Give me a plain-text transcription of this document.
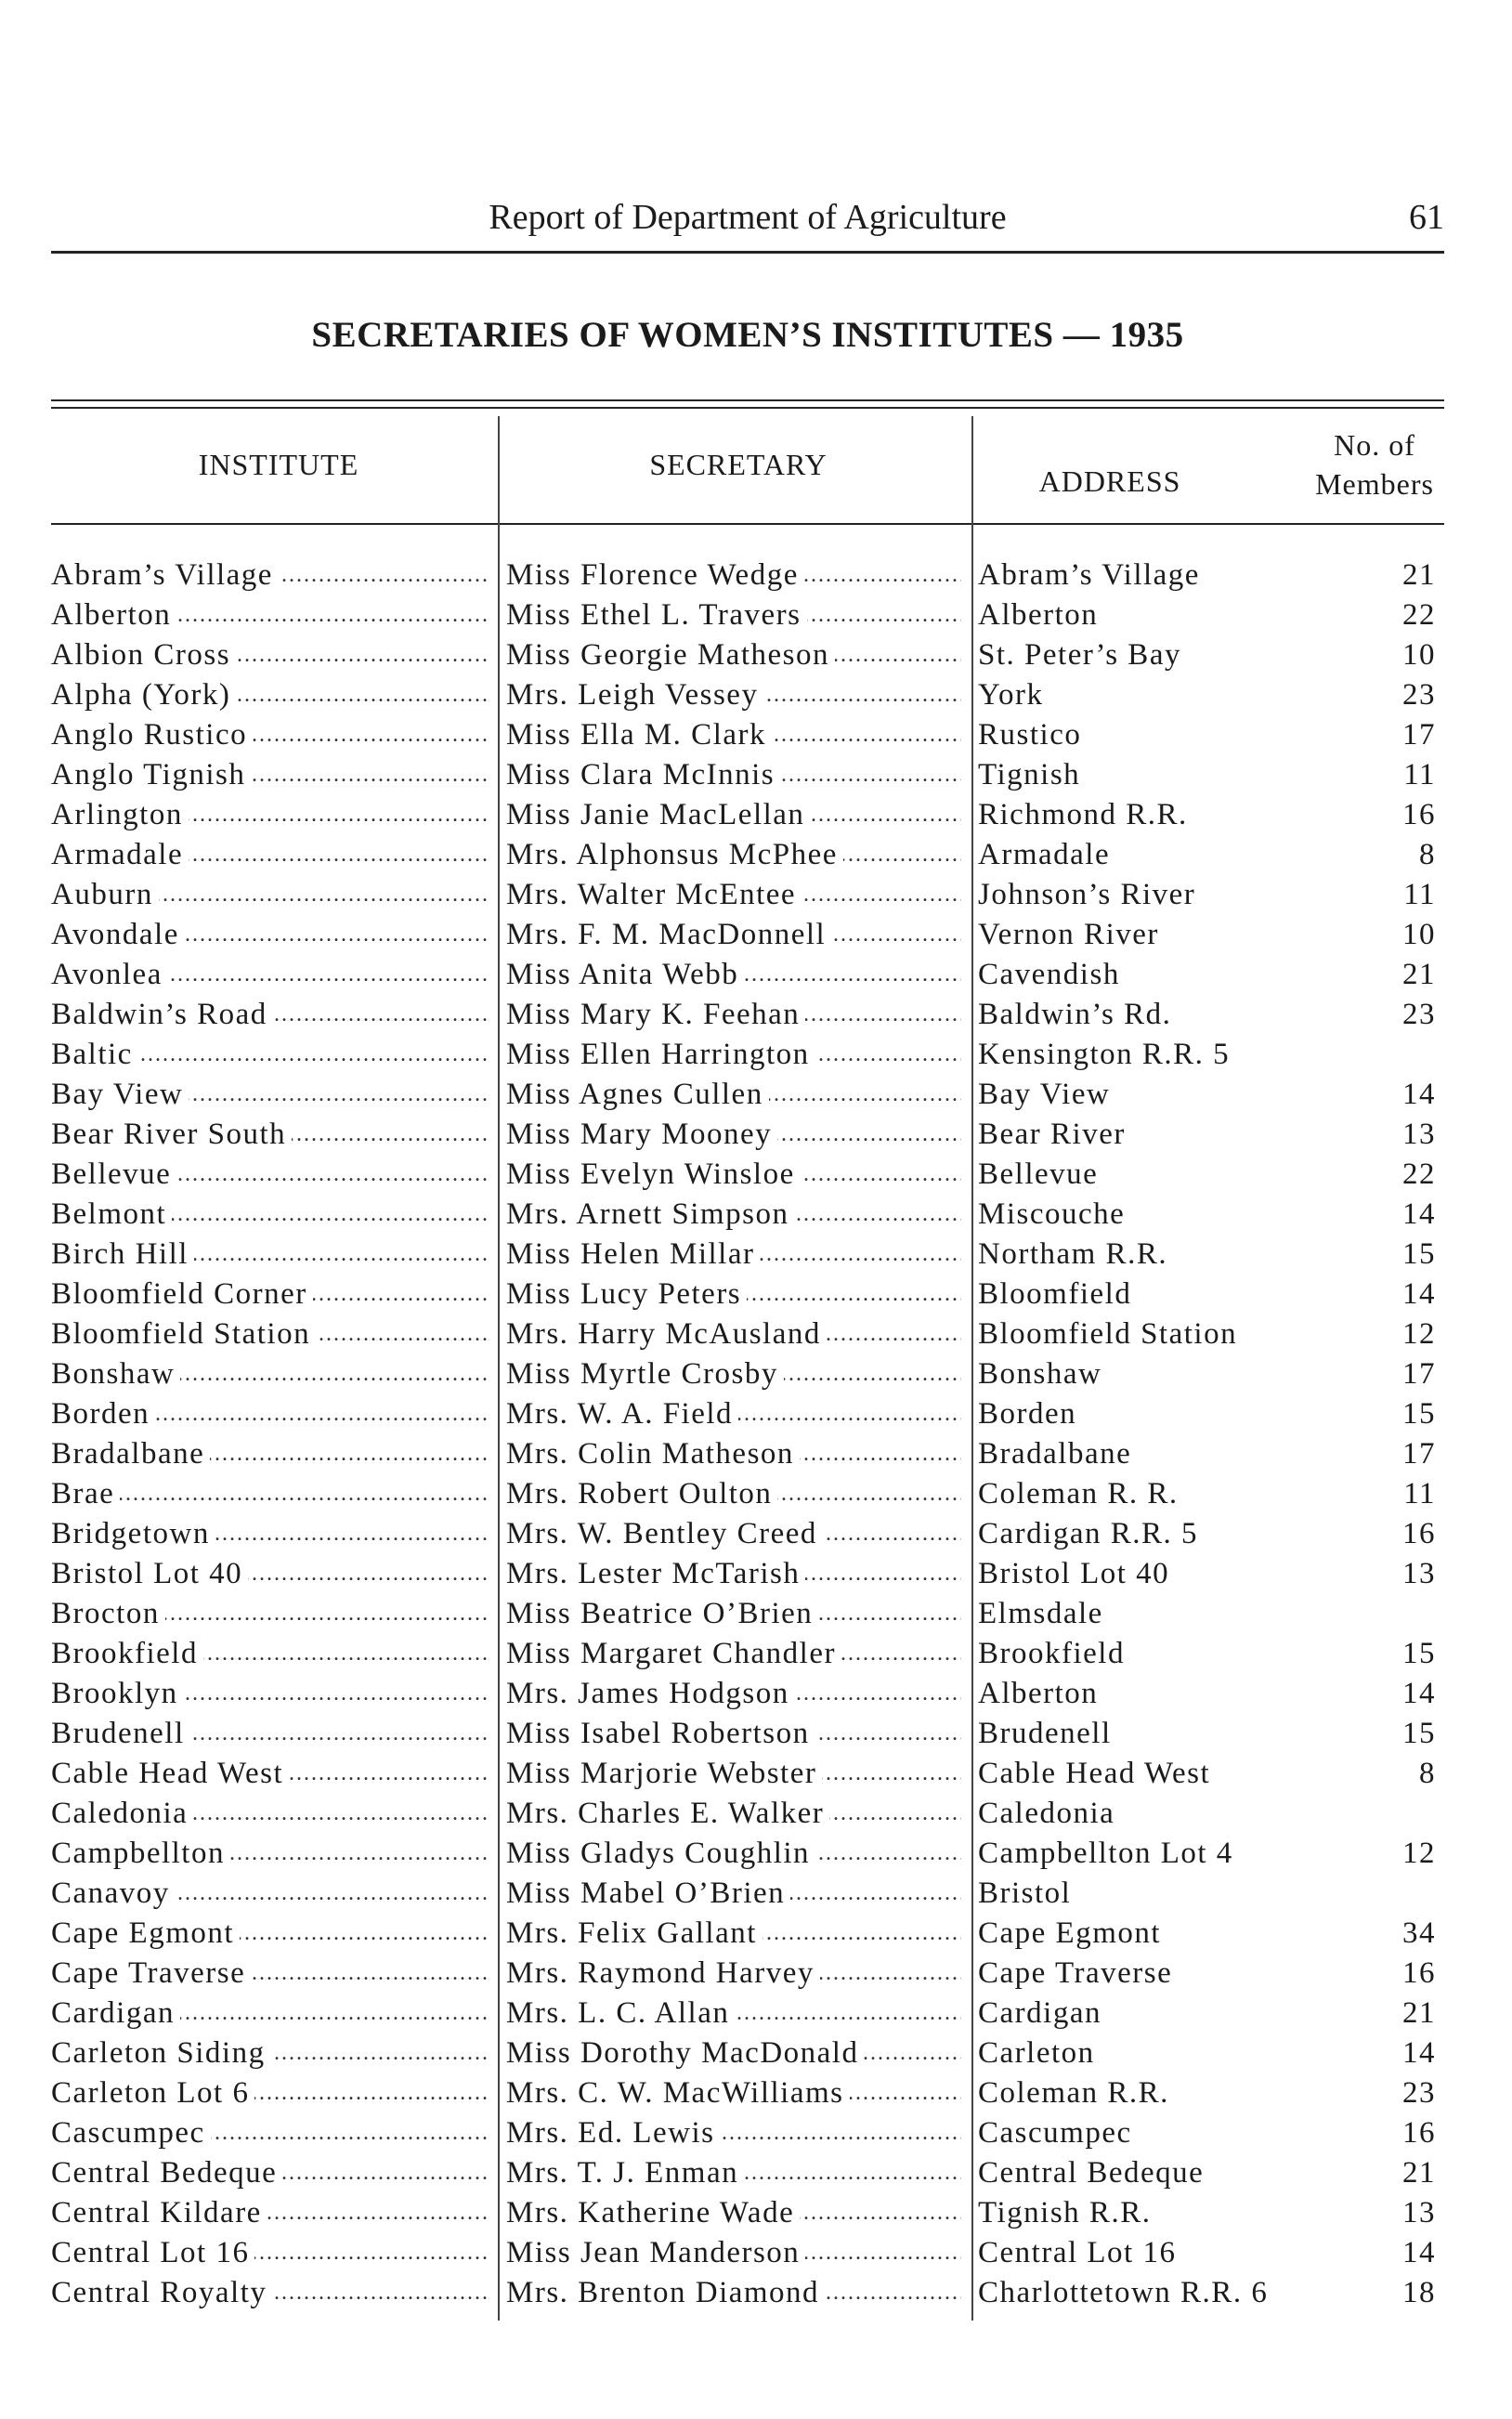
Report of Department of Agriculture	61
SECRETARIES OF WOMEN’S INSTITUTES — 1935
INSTITUTE	SECRETARY	ADDRESS
No. of
Members
Abram’s Village .....	Miss Florence Wedge .....	Abram’s Village	21
Alberton .....	Miss Ethel L. Travers .....	Alberton	22
Albion Cross .....	Miss Georgie Matheson .....	St. Peter’s Bay	10
Alpha (York) .....	Mrs. Leigh Vessey .....	York	23
Anglo Rustico .....	Miss Ella M. Clark .....	Rustico	17
Anglo Tignish .....	Miss Clara McInnis .....	Tignish	11
Arlington .....	Miss Janie MacLellan .....	Richmond R.R.	16
Armadale .....	Mrs. Alphonsus McPhee .....	Armadale	8
Auburn .....	Mrs. Walter McEntee .....	Johnson’s River	11
Avondale .....	Mrs. F. M. MacDonnell .....	Vernon River	10
Avonlea .....	Miss Anita Webb .....	Cavendish	21
Baldwin’s Road .....	Miss Mary K. Feehan .....	Baldwin’s Rd.	23
Baltic .....	Miss Ellen Harrington .....	Kensington R.R. 5
Bay View .....	Miss Agnes Cullen .....	Bay View	14
Bear River South .....	Miss Mary Mooney .....	Bear River	13
Bellevue .....	Miss Evelyn Winsloe .....	Bellevue	22
Belmont .....	Mrs. Arnett Simpson .....	Miscouche	14
Birch Hill .....	Miss Helen Millar .....	Northam R.R.	15
Bloomfield Corner .....	Miss Lucy Peters .....	Bloomfield	14
Bloomfield Station .....	Mrs. Harry McAusland .....	Bloomfield Station	12
Bonshaw .....	Miss Myrtle Crosby .....	Bonshaw	17
Borden .....	Mrs. W. A. Field .....	Borden	15
Bradalbane .....	Mrs. Colin Matheson .....	Bradalbane	17
Brae .....	Mrs. Robert Oulton .....	Coleman R. R.	11
Bridgetown .....	Mrs. W. Bentley Creed .....	Cardigan R.R. 5	16
Bristol Lot 40 .....	Mrs. Lester McTarish .....	Bristol Lot 40	13
Brocton .....	Miss Beatrice O’Brien .....	Elmsdale
Brookfield .....	Miss Margaret Chandler .....	Brookfield	15
Brooklyn .....	Mrs. James Hodgson .....	Alberton	14
Brudenell .....	Miss Isabel Robertson .....	Brudenell	15
Cable Head West .....	Miss Marjorie Webster .....	Cable Head West	8
Caledonia .....	Mrs. Charles E. Walker .....	Caledonia
Campbellton .....	Miss Gladys Coughlin .....	Campbellton Lot 4	12
Canavoy .....	Miss Mabel O’Brien .....	Bristol
Cape Egmont .....	Mrs. Felix Gallant .....	Cape Egmont	34
Cape Traverse .....	Mrs. Raymond Harvey .....	Cape Traverse	16
Cardigan .....	Mrs. L. C. Allan .....	Cardigan	21
Carleton Siding .....	Miss Dorothy MacDonald .....	Carleton	14
Carleton Lot 6 .....	Mrs. C. W. MacWilliams .....	Coleman R.R.	23
Cascumpec .....	Mrs. Ed. Lewis .....	Cascumpec	16
Central Bedeque .....	Mrs. T. J. Enman .....	Central Bedeque	21
Central Kildare .....	Mrs. Katherine Wade .....	Tignish R.R.	13
Central Lot 16 .....	Miss Jean Manderson .....	Central Lot 16	14
Central Royalty .....	Mrs. Brenton Diamond .....	Charlottetown R.R. 6	18
